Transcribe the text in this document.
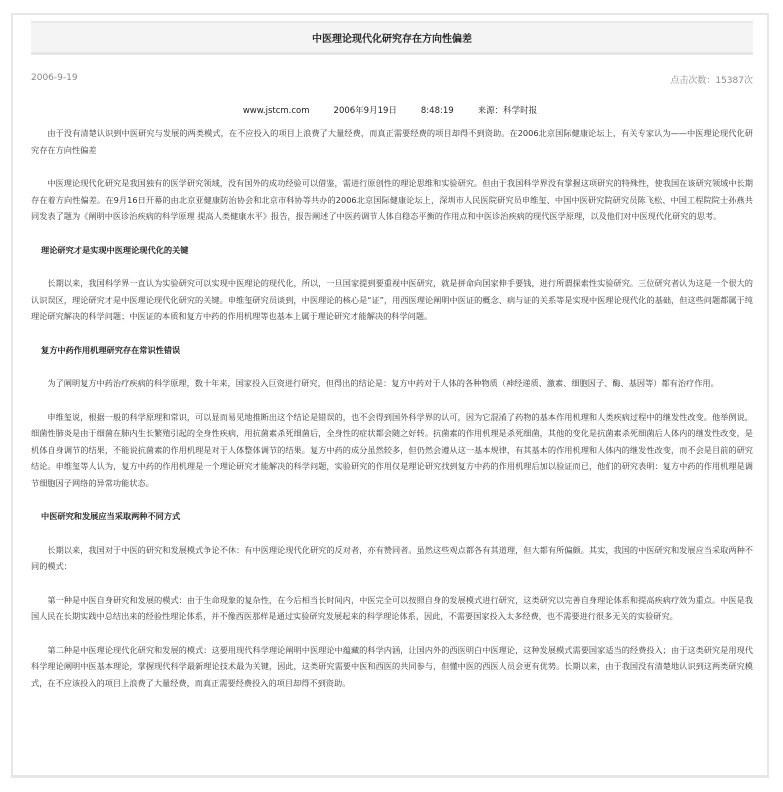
中医理论现代化研究存在方向性偏差
2006-9-19	点击次数：15387次
www.jstcm.com	2006年9月19日	8:48:19	来源：科学时报

由于没有清楚认识到中医研究与发展的两类模式，在不应投入的项目上浪费了大量经费，而真正需要经费的项目却得不到资助。在2006北京国际健康论坛上，有关专家认为——中医理论现代化研究存在方向性偏差

中医理论现代化研究是我国独有的医学研究领域，没有国外的成功经验可以借鉴，需进行原创性的理论思维和实验研究。但由于我国科学界没有掌握这项研究的特殊性，使我国在该研究领域中长期存在着方向性偏差。在9月16日开幕的由北京亚健康防治协会和北京市科协等共办的2006北京国际健康论坛上，深圳市人民医院研究员申维玺、中国中医研究院研究员陈飞松、中国工程院院士孙燕共同发表了题为《阐明中医诊治疾病的科学原理 提高人类健康水平》报告，报告阐述了中医药调节人体自稳态平衡的作用点和中医诊治疾病的现代医学原理，以及他们对中医现代化研究的思考。

理论研究才是实现中医理论现代化的关键

长期以来，我国科学界一直认为实验研究可以实现中医理论的现代化，所以，一旦国家提到要重视中医研究，就是拼命向国家伸手要钱，进行所谓探索性实验研究。三位研究者认为这是一个很大的认识误区，理论研究才是中医理论现代化研究的关键。申维玺研究员谈到，中医理论的核心是“证”，用西医理论阐明中医证的概念、病与证的关系等是实现中医理论现代化的基础，但这些问题都属于纯理论研究解决的科学问题；中医证的本质和复方中药的作用机理等也基本上属于理论研究才能解决的科学问题。

复方中药作用机理研究存在常识性错误

为了阐明复方中药治疗疾病的科学原理，数十年来，国家投入巨资进行研究，但得出的结论是：复方中药对于人体的各种物质（神经递质、激素、细胞因子、酶、基因等）都有治疗作用。

申维玺说，根据一般的科学原理和常识，可以显而易见地推断出这个结论是错误的，也不会得到国外科学界的认可，因为它混淆了药物的基本作用机理和人类疾病过程中的继发性改变。他举例说，细菌性肺炎是由于细菌在肺内生长繁殖引起的全身性疾病，用抗菌素杀死细菌后，全身性的症状都会随之好转。抗菌素的作用机理是杀死细菌，其他的变化是抗菌素杀死细菌后人体内的继发性改变，是机体自身调节的结果，不能说抗菌素的作用机理是对于人体整体调节的结果。复方中药的成分虽然较多，但仍然会遵从这一基本规律，有其基本的作用机理和人体内的继发性改变，而不会是目前的研究结论。申维玺等人认为，复方中药的作用机理是一个理论研究才能解决的科学问题，实验研究的作用仅是理论研究找到复方中药的作用机理后加以验证而已，他们的研究表明：复方中药的作用机理是调节细胞因子网络的异常功能状态。

中医研究和发展应当采取两种不同方式

长期以来，我国对于中医的研究和发展模式争论不休：有中医理论现代化研究的反对者，亦有赞同者。虽然这些观点都各有其道理，但大都有所偏颇。其实，我国的中医研究和发展应当采取两种不同的模式：

第一种是中医自身研究和发展的模式：由于生命现象的复杂性，在今后相当长时间内，中医完全可以按照自身的发展模式进行研究，这类研究以完善自身理论体系和提高疾病疗效为重点。中医是我国人民在长期实践中总结出来的经验性理论体系，并不像西医那样是通过实验研究发展起来的科学理论体系，因此，不需要国家投入太多经费，也不需要进行很多无关的实验研究。

第二种是中医理论现代化研究和发展的模式：这要用现代科学理论阐明中医理论中蕴藏的科学内涵，让国内外的西医明白中医理论，这种发展模式需要国家适当的经费投入；由于这类研究是用现代科学理论阐明中医基本理论，掌握现代科学最新理论技术最为关键，因此，这类研究需要中医和西医的共同参与，但懂中医的西医人员会更有优势。长期以来，由于我国没有清楚地认识到这两类研究模式，在不应该投入的项目上浪费了大量经费，而真正需要经费投入的项目却得不到资助。
